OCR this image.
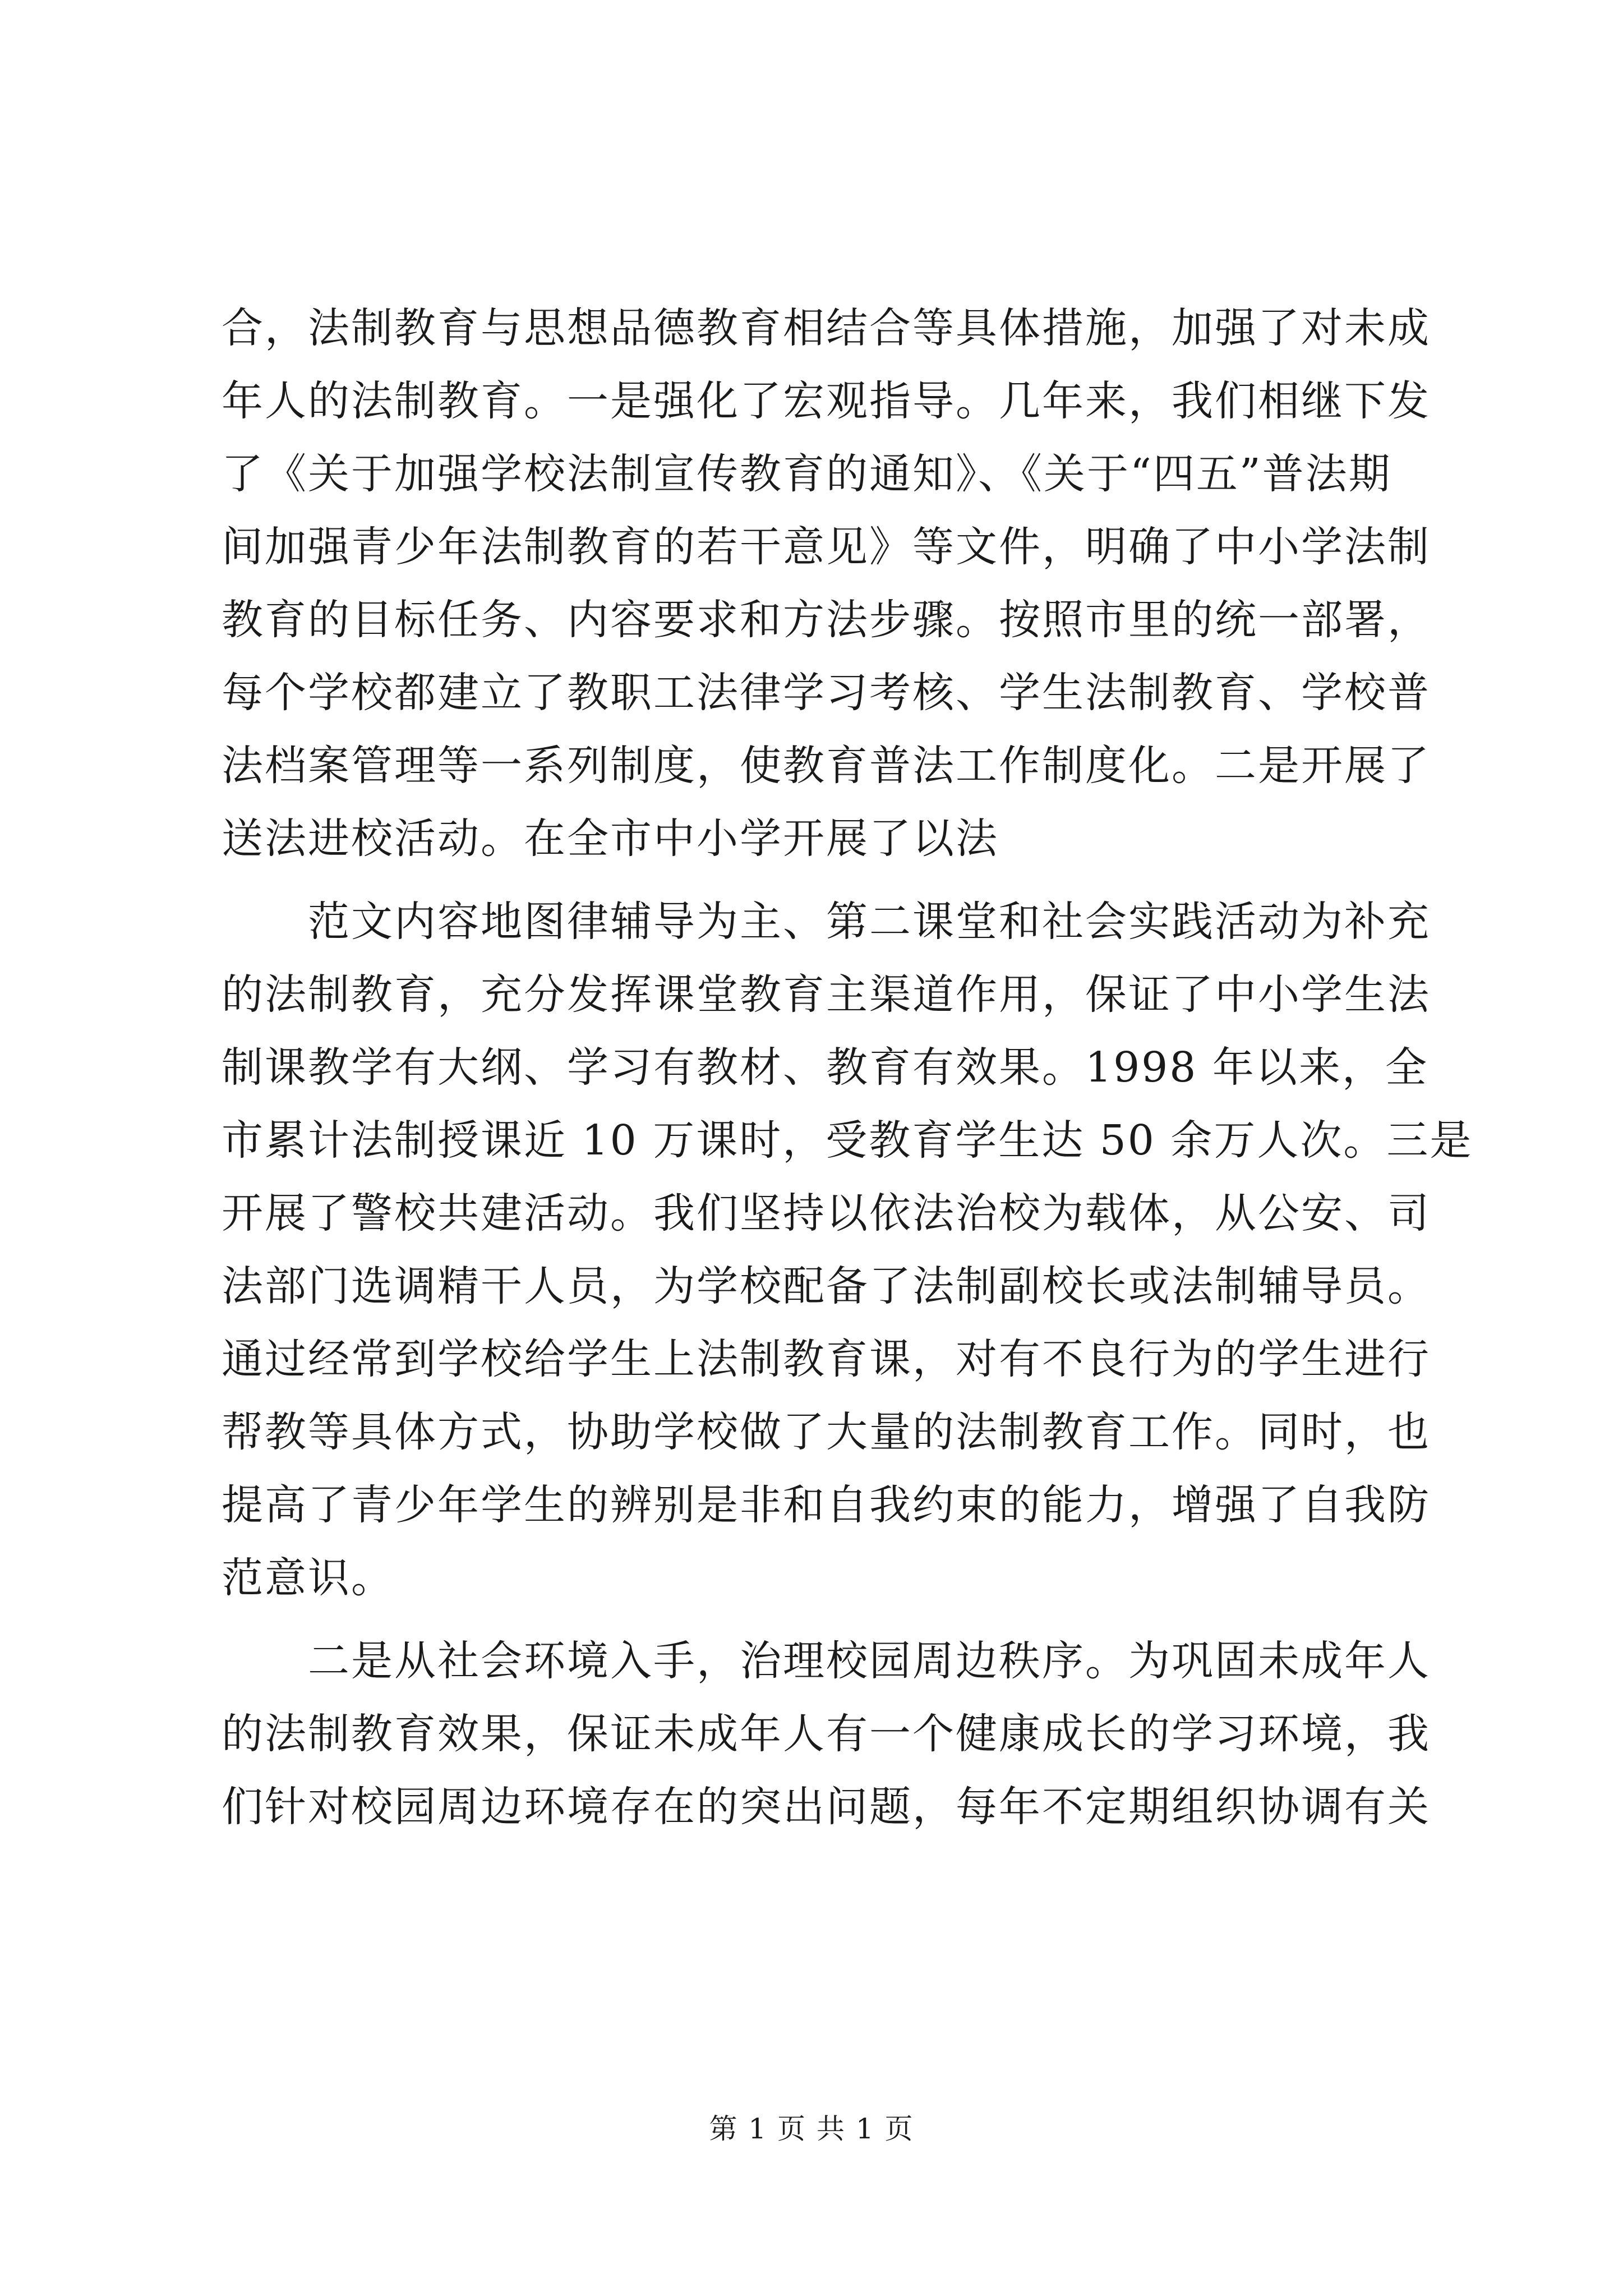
合，法制教育与思想品德教育相结合等具体措施，加强了对未成
年人的法制教育。一是强化了宏观指导。几年来，我们相继下发
了《关于加强学校法制宣传教育的通知》、《关于“四五”普法期
间加强青少年法制教育的若干意见》等文件，明确了中小学法制
教育的目标任务、内容要求和方法步骤。按照市里的统一部署，
每个学校都建立了教职工法律学习考核、学生法制教育、学校普
法档案管理等一系列制度，使教育普法工作制度化。二是开展了
送法进校活动。在全市中小学开展了以法
　　范文内容地图律辅导为主、第二课堂和社会实践活动为补充
的法制教育，充分发挥课堂教育主渠道作用，保证了中小学生法
制课教学有大纲、学习有教材、教育有效果。1998 年以来，全
市累计法制授课近 10 万课时，受教育学生达 50 余万人次。三是
开展了警校共建活动。我们坚持以依法治校为载体，从公安、司
法部门选调精干人员，为学校配备了法制副校长或法制辅导员。
通过经常到学校给学生上法制教育课，对有不良行为的学生进行
帮教等具体方式，协助学校做了大量的法制教育工作。同时，也
提高了青少年学生的辨别是非和自我约束的能力，增强了自我防
范意识。
　　二是从社会环境入手，治理校园周边秩序。为巩固未成年人
的法制教育效果，保证未成年人有一个健康成长的学习环境，我
们针对校园周边环境存在的突出问题，每年不定期组织协调有关
第 1 页 共 1 页
